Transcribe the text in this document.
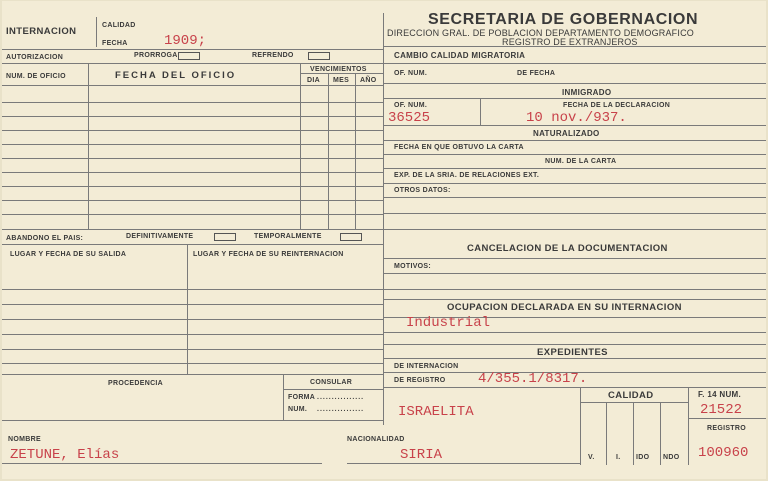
INTERNACION
CALIDAD
FECHA	1909;
AUTORIZACION	PRORROGA	REFRENDO
NUM. DE OFICIO	FECHA DEL OFICIO
VENCIMIENTOS
DIA MES AÑO
ABANDONO EL PAIS:	DEFINITIVAMENTE	TEMPORALMENTE
LUGAR Y FECHA DE SU SALIDA	LUGAR Y FECHA DE SU REINTERNACION
PROCEDENCIA	CONSULAR
FORMA ................
NUM. ................
NOMBRE
ZETUNE, Elías
SECRETARIA DE GOBERNACION
DIRECCION GRAL. DE POBLACION DEPARTAMENTO DEMOGRAFICO
REGISTRO DE EXTRANJEROS
CAMBIO CALIDAD MIGRATORIA
OF. NUM.	DE FECHA
INMIGRADO
OF. NUM.	FECHA DE LA DECLARACION
36525	10 nov./937.
NATURALIZADO
FECHA EN QUE OBTUVO LA CARTA
NUM. DE LA CARTA
EXP. DE LA SRIA. DE RELACIONES EXT.
OTROS DATOS:
CANCELACION DE LA DOCUMENTACION
MOTIVOS:
OCUPACION DECLARADA EN SU INTERNACION
Industrial
EXPEDIENTES
DE INTERNACION
DE REGISTRO 4/355.1/8317.
ISRAELITA
CALIDAD
V.	I. IDO NDO
F. 14 NUM.
21522
REGISTRO
100960
NACIONALIDAD
SIRIA
